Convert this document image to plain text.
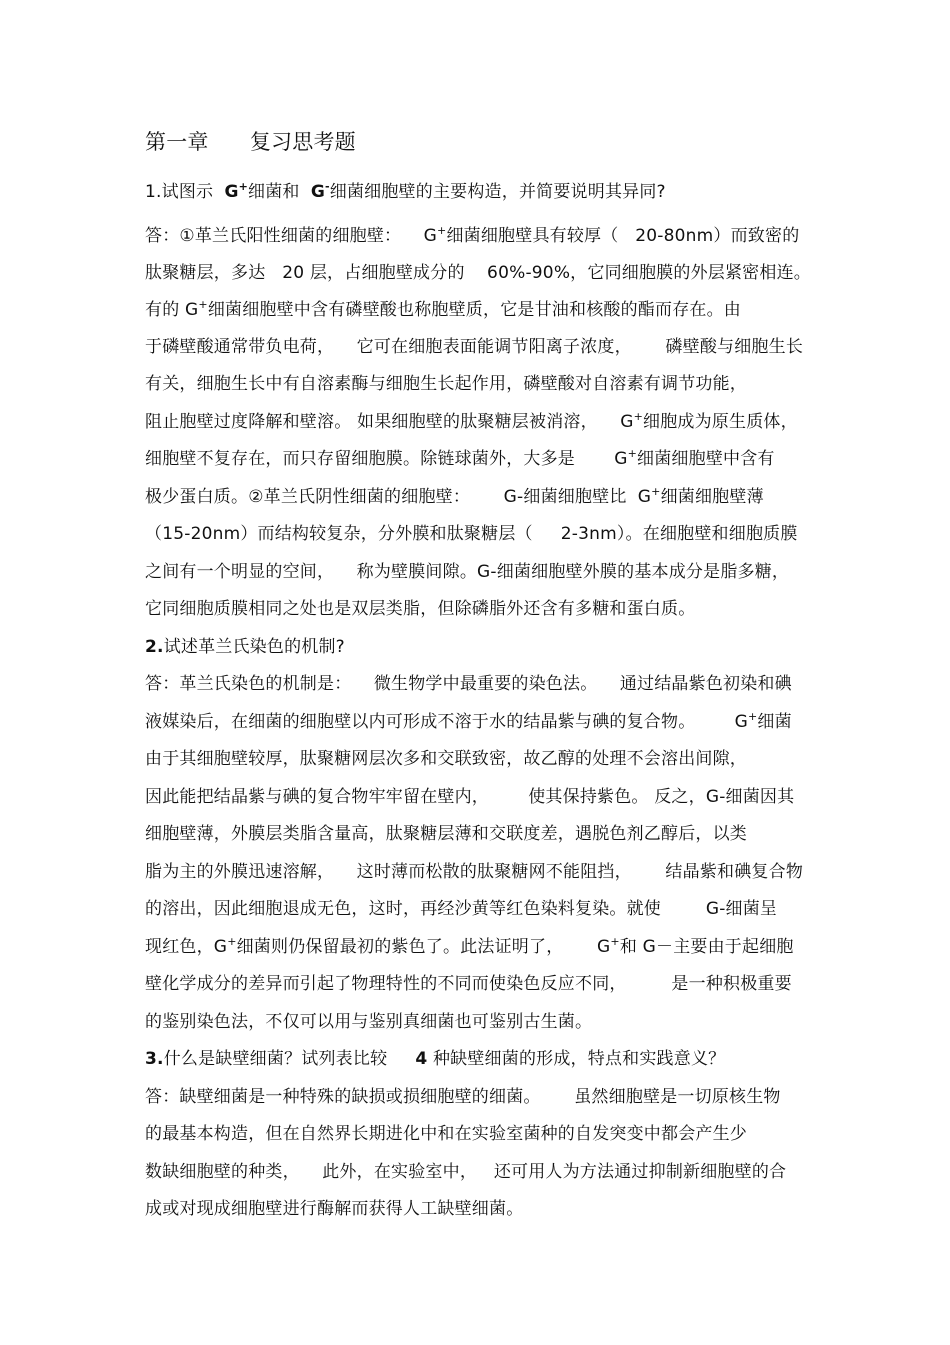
第一章      复习思考题
1.试图示  G+细菌和  G-细菌细胞壁的主要构造，并简要说明其异同?
答：①革兰氏阳性细菌的细胞壁：    G+细菌细胞壁具有较厚（   20-80nm）而致密的
肽聚糖层，多达   20 层，占细胞壁成分的    60%-90%，它同细胞膜的外层紧密相连。
有的 G+细菌细胞壁中含有磷壁酸也称胞壁质，它是甘油和核酸的酯而存在。由
于磷壁酸通常带负电荷，    它可在细胞表面能调节阳离子浓度，      磷壁酸与细胞生长
有关，细胞生长中有自溶素酶与细胞生长起作用，磷壁酸对自溶素有调节功能，
阻止胞壁过度降解和壁溶。 如果细胞壁的肽聚糖层被消溶，    G+细胞成为原生质体，
细胞壁不复存在，而只存留细胞膜。除链球菌外，大多是       G+细菌细胞壁中含有
极少蛋白质。②革兰氏阴性细菌的细胞壁：      G-细菌细胞壁比  G+细菌细胞壁薄
（15-20nm）而结构较复杂，分外膜和肽聚糖层（     2-3nm）。在细胞壁和细胞质膜
之间有一个明显的空间，    称为壁膜间隙。G-细菌细胞壁外膜的基本成分是脂多糖，
它同细胞质膜相同之处也是双层类脂，但除磷脂外还含有多糖和蛋白质。
2.试述革兰氏染色的机制?
答：革兰氏染色的机制是：    微生物学中最重要的染色法。    通过结晶紫色初染和碘
液媒染后，在细菌的细胞壁以内可形成不溶于水的结晶紫与碘的复合物。       G+细菌
由于其细胞壁较厚，肽聚糖网层次多和交联致密，故乙醇的处理不会溶出间隙，
因此能把结晶紫与碘的复合物牢牢留在壁内，       使其保持紫色。 反之，G-细菌因其
细胞壁薄，外膜层类脂含量高，肽聚糖层薄和交联度差，遇脱色剂乙醇后，以类
脂为主的外膜迅速溶解，    这时薄而松散的肽聚糖网不能阻挡，      结晶紫和碘复合物
的溶出，因此细胞退成无色，这时，再经沙黄等红色染料复染。就使        G-细菌呈
现红色，G+细菌则仍保留最初的紫色了。此法证明了，      G+和 G－主要由于起细胞
壁化学成分的差异而引起了物理特性的不同而使染色反应不同，        是一种积极重要
的鉴别染色法，不仅可以用与鉴别真细菌也可鉴别古生菌。
3.什么是缺壁细菌？试列表比较     4 种缺壁细菌的形成，特点和实践意义？
答：缺壁细菌是一种特殊的缺损或损细胞壁的细菌。      虽然细胞壁是一切原核生物
的最基本构造，但在自然界长期进化中和在实验室菌种的自发突变中都会产生少
数缺细胞壁的种类，    此外，在实验室中，   还可用人为方法通过抑制新细胞壁的合
成或对现成细胞壁进行酶解而获得人工缺壁细菌。
